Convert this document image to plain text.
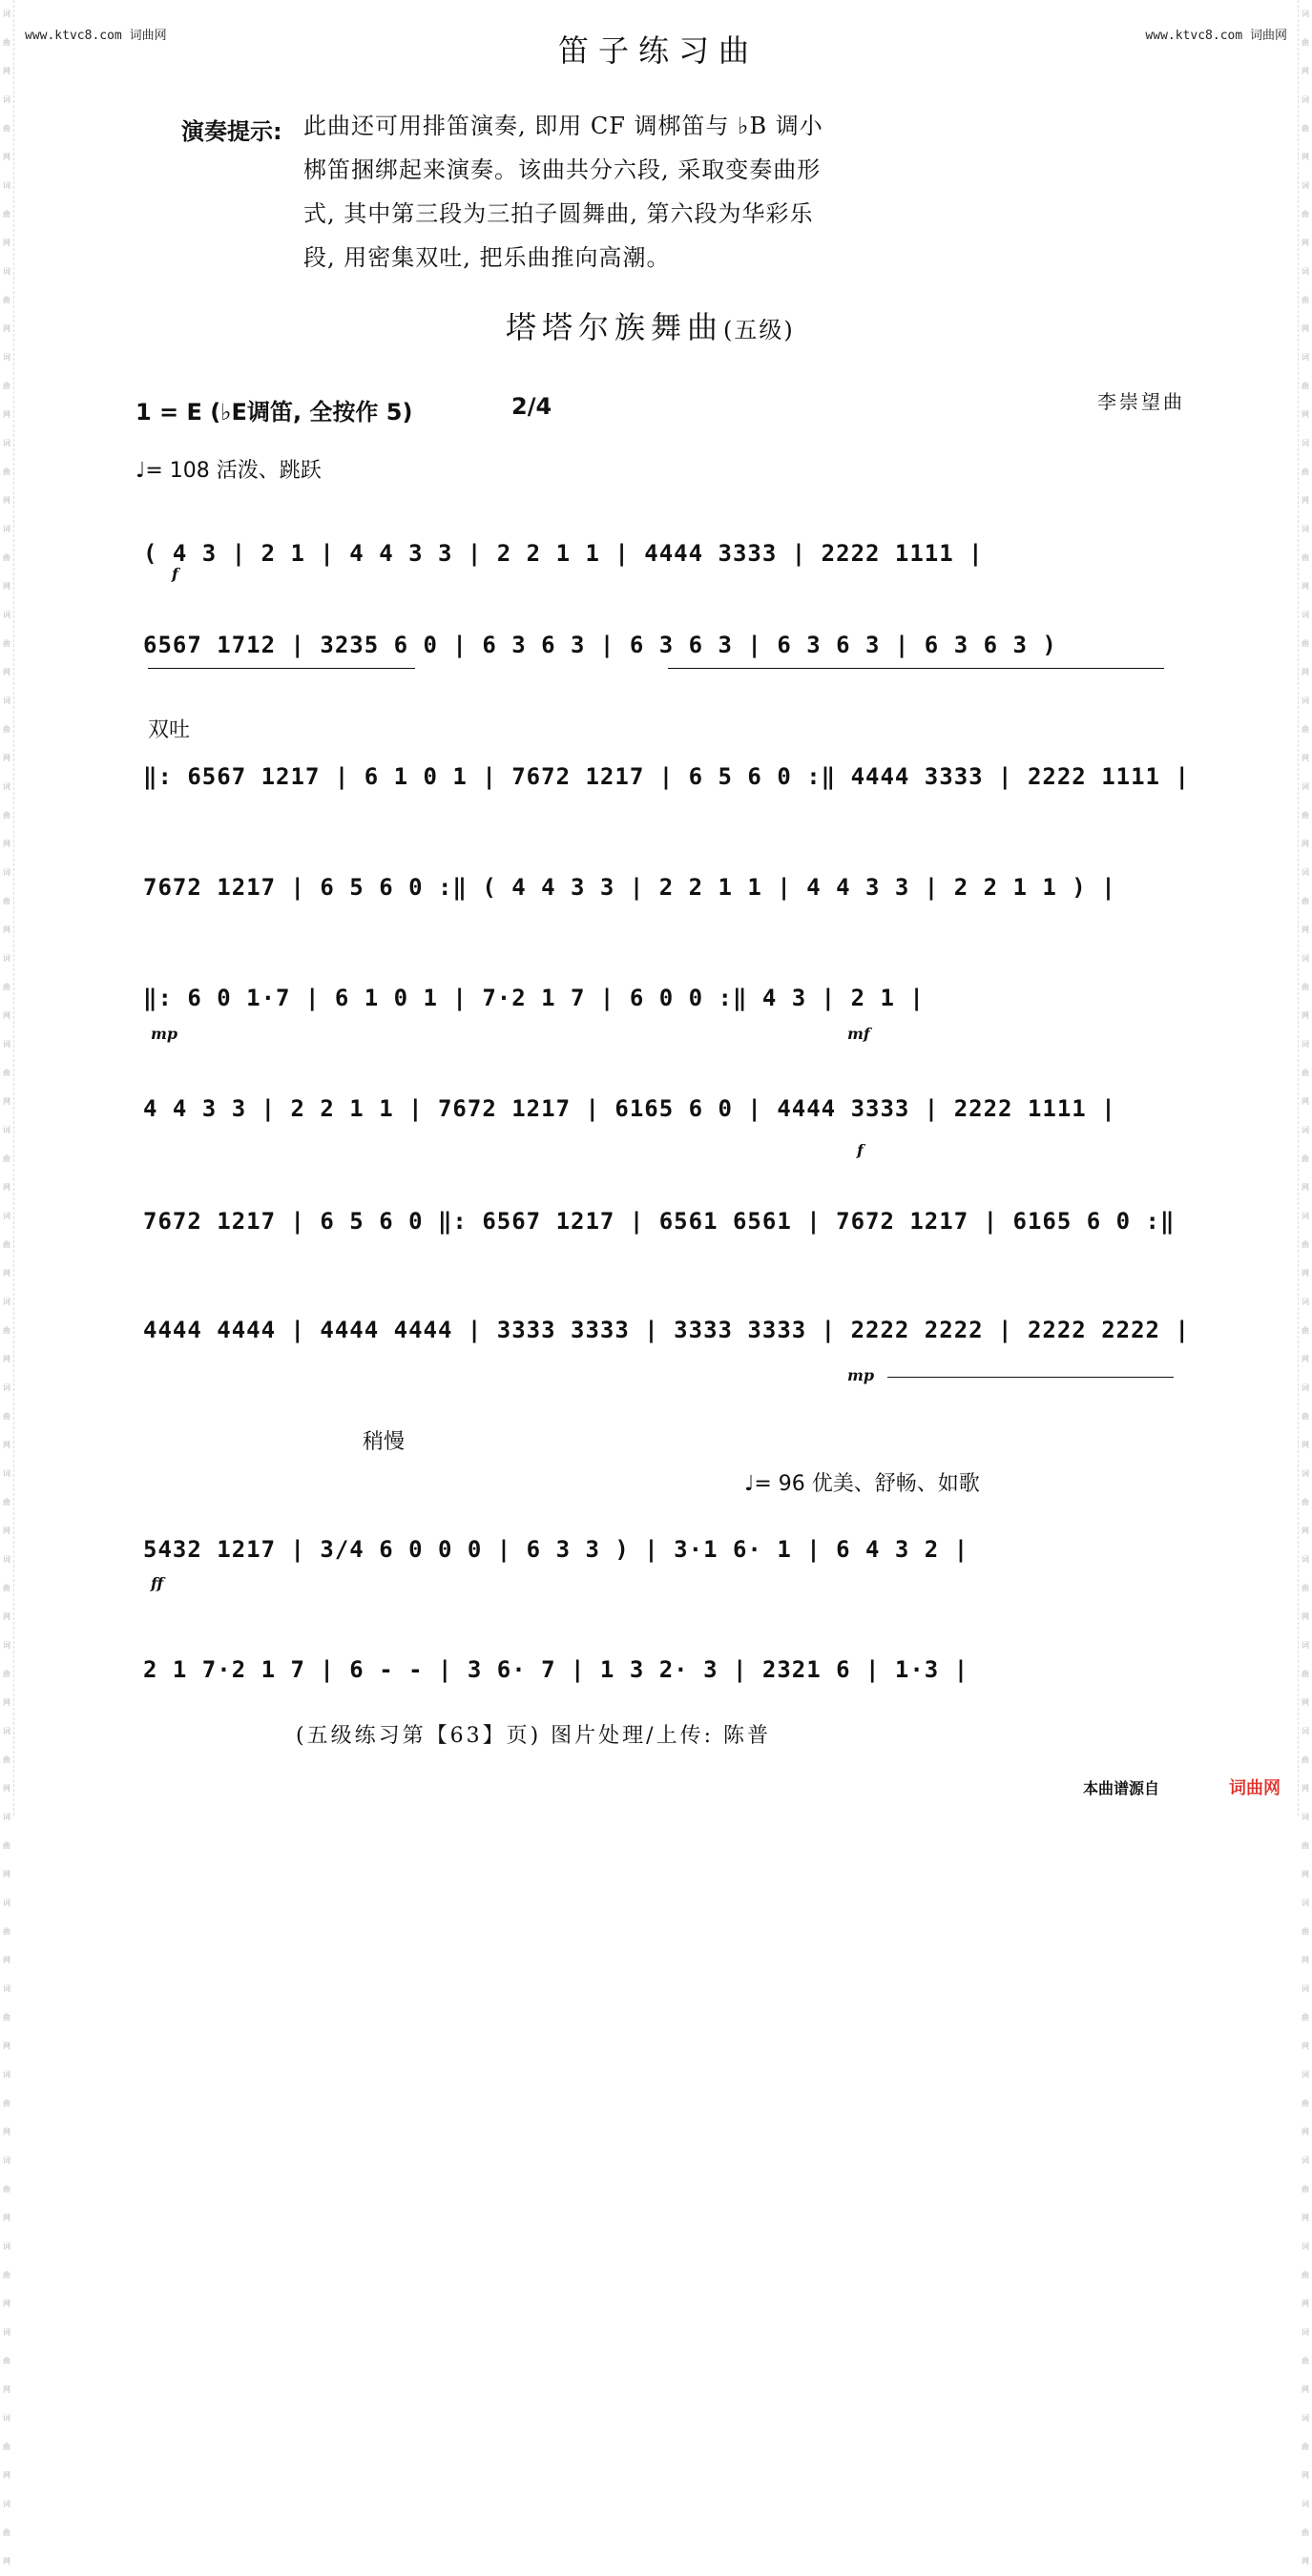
词曲网词曲网词曲网词曲网词曲网词曲网词曲网词曲网词曲网词曲网词曲网词曲网词曲网词曲网词曲网词曲网词曲网词曲网词曲网词曲网词曲网词曲网词曲网词曲网词曲网词曲网词曲网词曲网词曲网词曲网
词曲网词曲网词曲网词曲网词曲网词曲网词曲网词曲网词曲网词曲网词曲网词曲网词曲网词曲网词曲网词曲网词曲网词曲网词曲网词曲网词曲网词曲网词曲网词曲网词曲网词曲网词曲网词曲网词曲网词曲网
www.ktvc8.com 词曲网	www.ktvc8.com 词曲网
笛子练习曲
演奏提示: 此曲还可用排笛演奏, 即用 CF 调梆笛与 ♭B 调小
梆笛捆绑起来演奏。该曲共分六段, 采取变奏曲形
式, 其中第三段为三拍子圆舞曲, 第六段为华彩乐
段, 用密集双吐, 把乐曲推向高潮。
塔塔尔族舞曲(五级)
1 = E (♭E调笛, 全按作 5)	2/4	李崇望曲
♩= 108 活泼、跳跃
( 4 3 | 2 1 | 4 4 3 3 | 2 2 1 1 | 4444 3333 | 2222 1111 |
f
6567 1712 | 3235 6 0 | 6 3 6 3 | 6 3 6 3 | 6 3 6 3 | 6 3 6 3 )
双吐
‖: 6567 1217 | 6 1 0 1 | 7672 1217 | 6 5 6 0 :‖ 4444 3333 | 2222 1111 |
7672 1217 | 6 5 6 0 :‖ ( 4 4 3 3 | 2 2 1 1 | 4 4 3 3 | 2 2 1 1 ) |
‖: 6 0 1·7 | 6 1 0 1 | 7·2 1 7 | 6 0 0 :‖ 4 3 | 2 1 |
mp	mf
4 4 3 3 | 2 2 1 1 | 7672 1217 | 6165 6 0 | 4444 3333 | 2222 1111 |
f
7672 1217 | 6 5 6 0 ‖: 6567 1217 | 6561 6561 | 7672 1217 | 6165 6 0 :‖
4444 4444 | 4444 4444 | 3333 3333 | 3333 3333 | 2222 2222 | 2222 2222 |
mp
稍慢
♩= 96 优美、舒畅、如歌
5432 1217 | 3/4 6 0 0 0 | 6 3 3 ) | 3·1 6· 1 | 6 4 3 2 |
ff
2 1 7·2 1 7 | 6 - - | 3 6· 7 | 1 3 2· 3 | 2321 6 | 1·3 |
(五级练习第【63】页) 图片处理/上传: 陈普
本曲谱源自	词曲网
